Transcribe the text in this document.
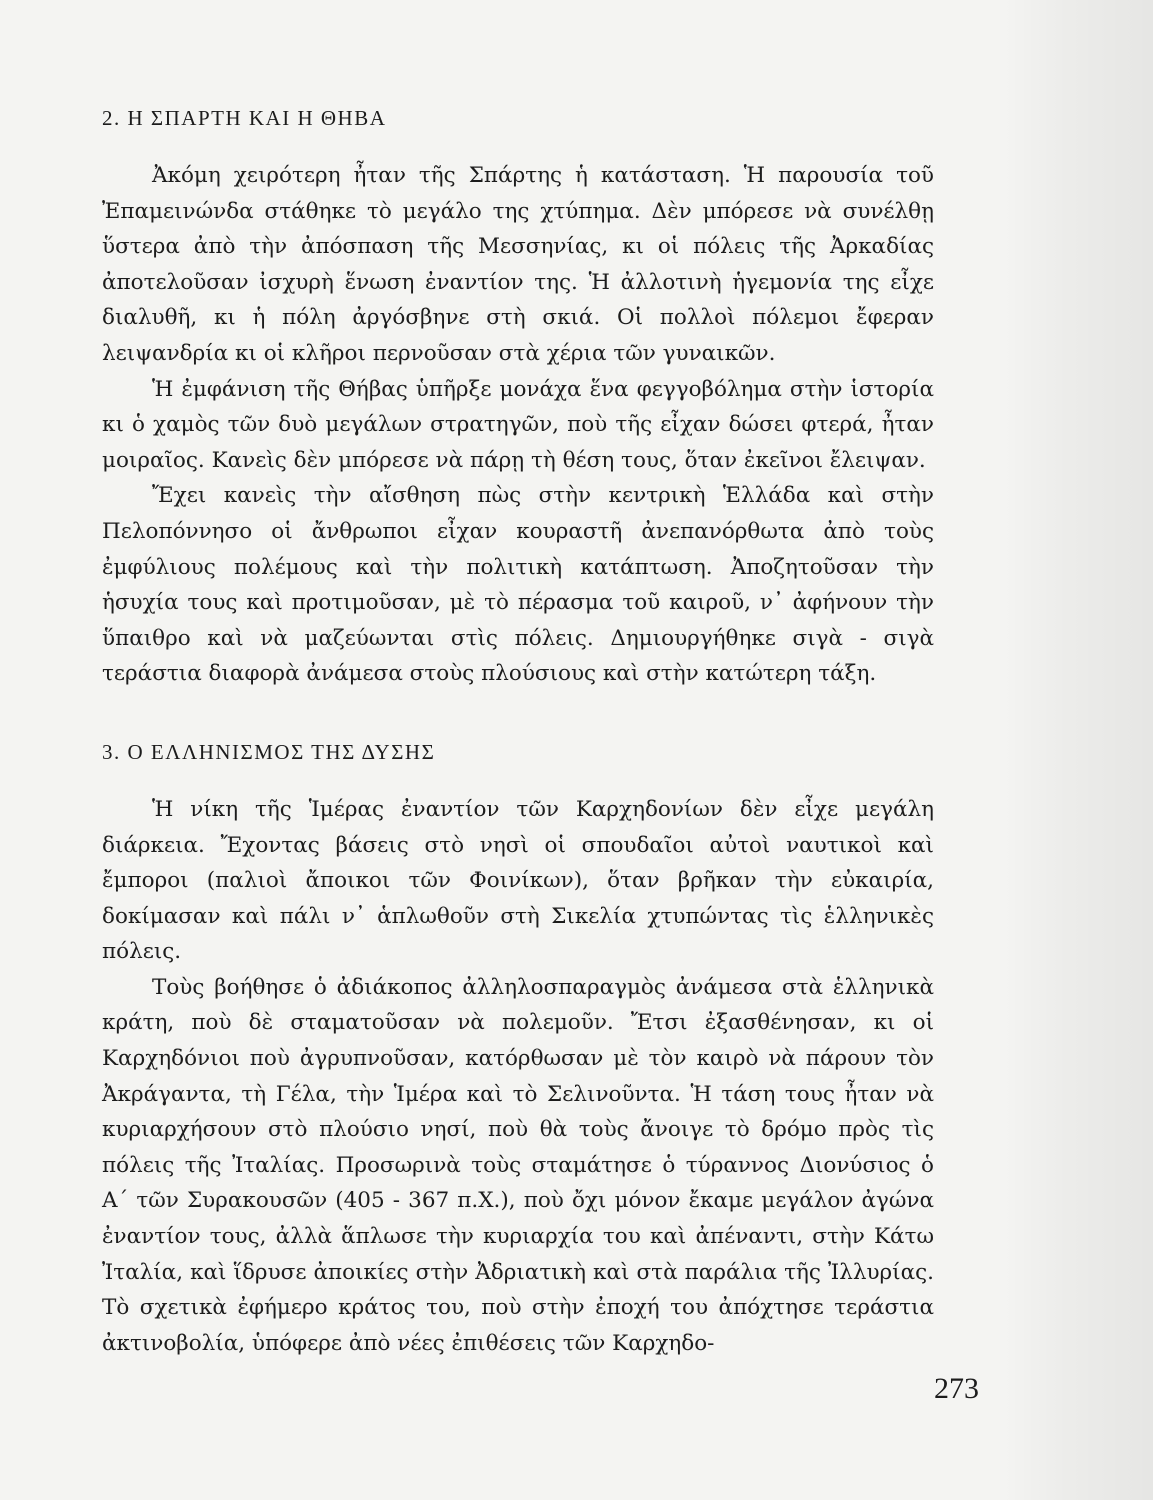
2. Η ΣΠΑΡΤΗ ΚΑΙ Η ΘΗΒΑ

Ἀκόμη χειρότερη ἦταν τῆς Σπάρτης ἡ κατάσταση. Ἡ παρουσία τοῦ Ἐπαμεινώνδα στάθηκε τὸ μεγάλο της χτύπημα. Δὲν μπόρεσε νὰ συνέλθῃ ὕστερα ἀπὸ τὴν ἀπόσπαση τῆς Μεσσηνίας, κι οἱ πόλεις τῆς Ἀρκαδίας ἀποτελοῦσαν ἰσχυρὴ ἕνωση ἐναντίον της. Ἡ ἀλλοτινὴ ἡγεμονία της εἶχε διαλυθῆ, κι ἡ πόλη ἀργόσβηνε στὴ σκιά. Οἱ πολλοὶ πόλεμοι ἔφεραν λειψανδρία κι οἱ κλῆροι περνοῦσαν στὰ χέρια τῶν γυναικῶν.

Ἡ ἐμφάνιση τῆς Θήβας ὑπῆρξε μονάχα ἕνα φεγγοβόλημα στὴν ἱστορία κι ὁ χαμὸς τῶν δυὸ μεγάλων στρατηγῶν, ποὺ τῆς εἶχαν δώσει φτερά, ἦταν μοιραῖος. Κανεὶς δὲν μπόρεσε νὰ πάρῃ τὴ θέση τους, ὅταν ἐκεῖνοι ἔλειψαν.

Ἔχει κανεὶς τὴν αἴσθηση πὼς στὴν κεντρικὴ Ἑλλάδα καὶ στὴν Πελοπόννησο οἱ ἄνθρωποι εἶχαν κουραστῆ ἀνεπανόρθωτα ἀπὸ τοὺς ἐμφύλιους πολέμους καὶ τὴν πολιτικὴ κατάπτωση. Ἀποζητοῦσαν τὴν ἡσυχία τους καὶ προτιμοῦσαν, μὲ τὸ πέρασμα τοῦ καιροῦ, ν᾽ ἀφήνουν τὴν ὕπαιθρο καὶ νὰ μαζεύωνται στὶς πόλεις. Δημιουργήθηκε σιγὰ - σιγὰ τεράστια διαφορὰ ἀνάμεσα στοὺς πλούσιους καὶ στὴν κατώτερη τάξη.

3. Ο ΕΛΛΗΝΙΣΜΟΣ ΤΗΣ ΔΥΣΗΣ

Ἡ νίκη τῆς Ἱμέρας ἐναντίον τῶν Καρχηδονίων δὲν εἶχε μεγάλη διάρκεια. Ἔχοντας βάσεις στὸ νησὶ οἱ σπουδαῖοι αὐτοὶ ναυτικοὶ καὶ ἔμποροι (παλιοὶ ἄποικοι τῶν Φοινίκων), ὅταν βρῆκαν τὴν εὐκαιρία, δοκίμασαν καὶ πάλι ν᾽ ἁπλωθοῦν στὴ Σικελία χτυπώντας τὶς ἑλληνικὲς πόλεις.

Τοὺς βοήθησε ὁ ἀδιάκοπος ἀλληλοσπαραγμὸς ἀνάμεσα στὰ ἑλληνικὰ κράτη, ποὺ δὲ σταματοῦσαν νὰ πολεμοῦν. Ἔτσι ἐξασθένησαν, κι οἱ Καρχηδόνιοι ποὺ ἀγρυπνοῦσαν, κατόρθωσαν μὲ τὸν καιρὸ νὰ πάρουν τὸν Ἀκράγαντα, τὴ Γέλα, τὴν Ἱμέρα καὶ τὸ Σελινοῦντα. Ἡ τάση τους ἦταν νὰ κυριαρχήσουν στὸ πλούσιο νησί, ποὺ θὰ τοὺς ἄνοιγε τὸ δρόμο πρὸς τὶς πόλεις τῆς Ἰταλίας. Προσωρινὰ τοὺς σταμάτησε ὁ τύραννος Διονύσιος ὁ Α΄ τῶν Συρακουσῶν (405 - 367 π.Χ.), ποὺ ὄχι μόνον ἔκαμε μεγάλον ἀγώνα ἐναντίον τους, ἀλλὰ ἅπλωσε τὴν κυριαρχία του καὶ ἀπέναντι, στὴν Κάτω Ἰταλία, καὶ ἵδρυσε ἀποικίες στὴν Ἀδριατικὴ καὶ στὰ παράλια τῆς Ἰλλυρίας. Τὸ σχετικὰ ἐφήμερο κράτος του, ποὺ στὴν ἐποχή του ἀπόχτησε τεράστια ἀκτινοβολία, ὑπόφερε ἀπὸ νέες ἐπιθέσεις τῶν Καρχηδο-

273
